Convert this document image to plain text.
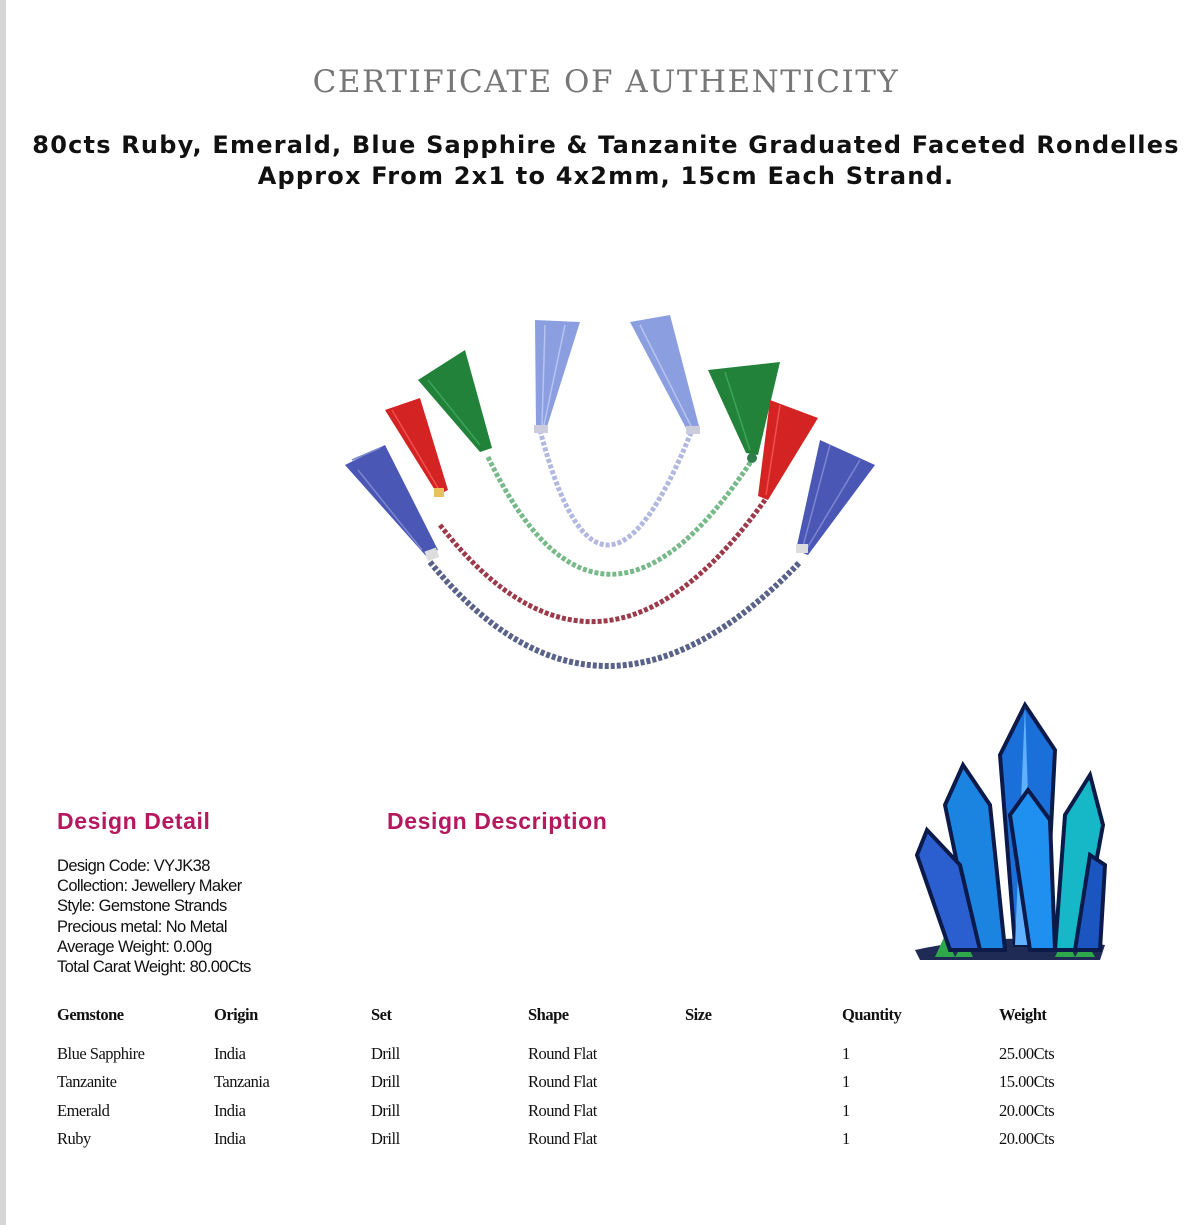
CERTIFICATE OF AUTHENTICITY
80cts Ruby, Emerald, Blue Sapphire & Tanzanite Graduated Faceted Rondelles
Approx From 2x1 to 4x2mm, 15cm Each Strand.
Design Detail	Design Description
Design Code: VYJK38
Collection: Jewellery Maker
Style: Gemstone Strands
Precious metal: No Metal
Average Weight: 0.00g
Total Carat Weight: 80.00Cts
Gemstone	Origin	Set	Shape	Size	Quantity	Weight
Blue Sapphire	India	Drill	Round Flat		1	25.00Cts
Tanzanite	Tanzania	Drill	Round Flat		1	15.00Cts
Emerald	India	Drill	Round Flat		1	20.00Cts
Ruby	India	Drill	Round Flat		1	20.00Cts
